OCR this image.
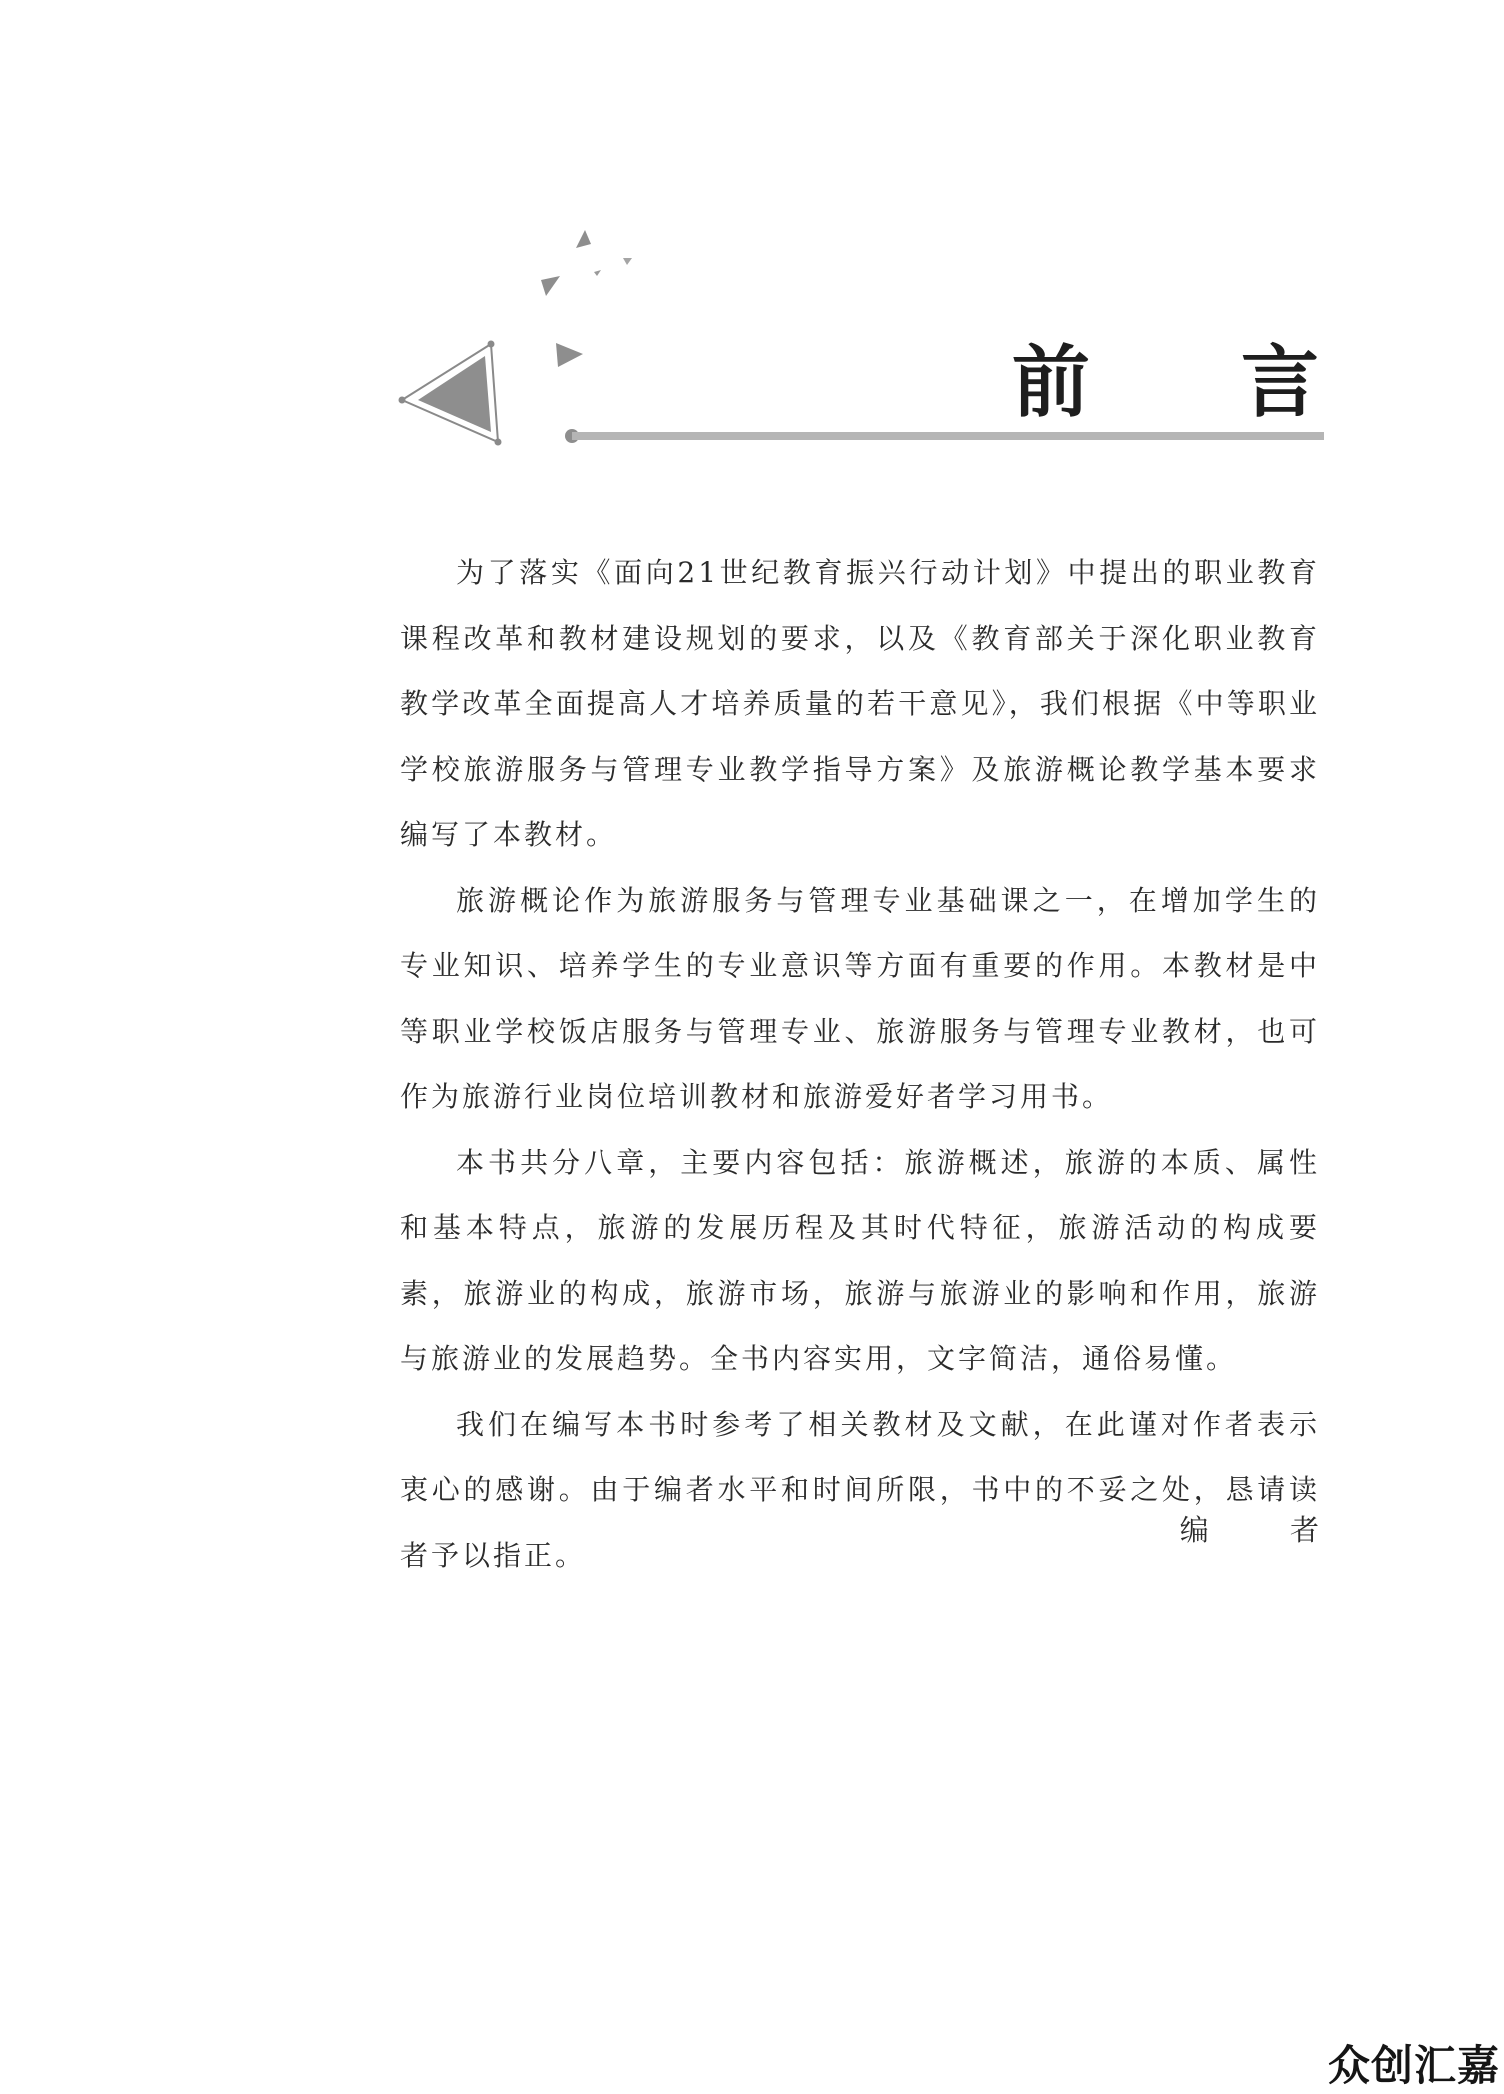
前 言

为了落实《面向21世纪教育振兴行动计划》中提出的职业教育课程改革和教材建设规划的要求，以及《教育部关于深化职业教育教学改革全面提高人才培养质量的若干意见》，我们根据《中等职业学校旅游服务与管理专业教学指导方案》及旅游概论教学基本要求编写了本教材。

旅游概论作为旅游服务与管理专业基础课之一，在增加学生的专业知识、培养学生的专业意识等方面有重要的作用。本教材是中等职业学校饭店服务与管理专业、旅游服务与管理专业教材，也可作为旅游行业岗位培训教材和旅游爱好者学习用书。

本书共分八章，主要内容包括：旅游概述，旅游的本质、属性和基本特点，旅游的发展历程及其时代特征，旅游活动的构成要素，旅游业的构成，旅游市场，旅游与旅游业的影响和作用，旅游与旅游业的发展趋势。全书内容实用，文字简洁，通俗易懂。

我们在编写本书时参考了相关教材及文献，在此谨对作者表示衷心的感谢。由于编者水平和时间所限，书中的不妥之处，恳请读者予以指正。

编 者
众创汇嘉
